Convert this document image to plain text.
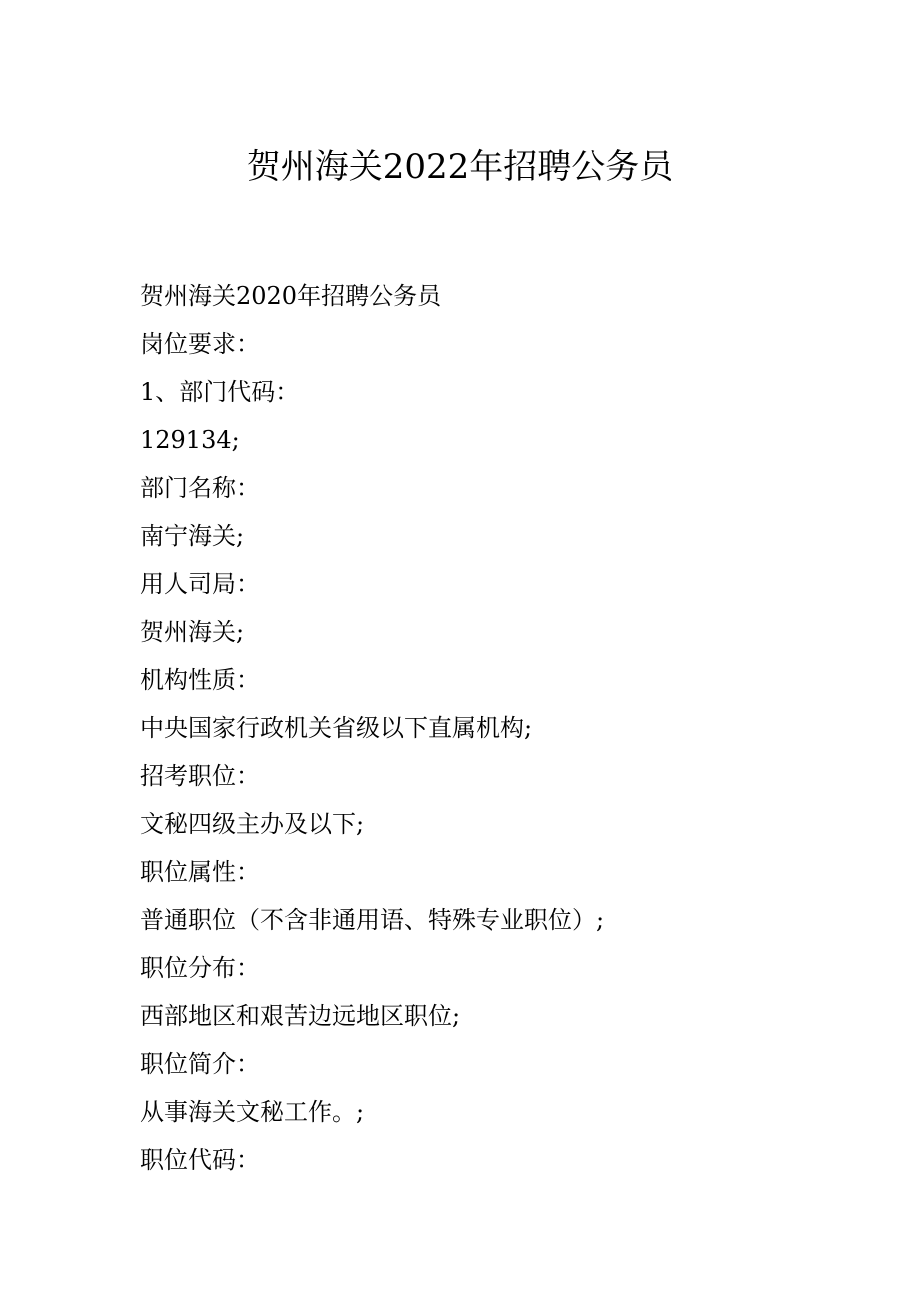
贺州海关2022年招聘公务员
贺州海关2020年招聘公务员
岗位要求：
1、部门代码：
129134;
部门名称：
南宁海关;
用人司局：
贺州海关;
机构性质：
中央国家行政机关省级以下直属机构;
招考职位：
文秘四级主办及以下;
职位属性：
普通职位（不含非通用语、特殊专业职位）;
职位分布：
西部地区和艰苦边远地区职位;
职位简介：
从事海关文秘工作。;
职位代码：
